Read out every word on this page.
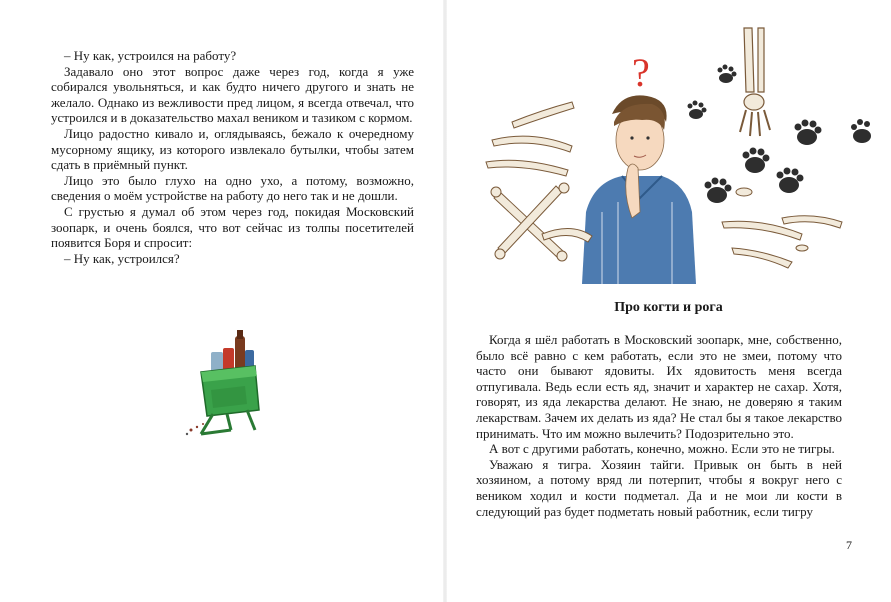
– Ну как, устроился на работу?

Задавало оно этот вопрос даже через год, когда я уже собирался увольняться, и как будто ничего другого и знать не желало. Однако из вежливости пред лицом, я всегда отвечал, что устроился и в доказательство махал веником и тазиком с кормом.

Лицо радостно кивало и, оглядываясь, бежало к очередному мусорному ящику, из которого извлекало бутылки, чтобы затем сдать в приёмный пункт.

Лицо это было глухо на одно ухо, а потому, возможно, сведения о моём устройстве на работу до него так и не дошли.

С грустью я думал об этом через год, покидая Московский зоопарк, и очень боялся, что вот сейчас из толпы посетителей появится Боря и спросит:

– Ну как, устроился?

?
Про когти и рога

Когда я шёл работать в Московский зоопарк, мне, собственно, было всё равно с кем работать, если это не змеи, потому что часто они бывают ядовиты. Их ядовитость меня всегда отпугивала. Ведь если есть яд, значит и характер не сахар. Хотя, говорят, из яда лекарства делают. Не знаю, не доверяю я таким лекарствам. Зачем их делать из яда? Не стал бы я такое лекарство принимать. Что им можно вылечить? Подозрительно это.

А вот с другими работать, конечно, можно. Если это не тигры.

Уважаю я тигра. Хозяин тайги. Привык он быть в ней хозяином, а потому вряд ли потерпит, чтобы я вокруг него с веником ходил и кости подметал. Да и не мои ли кости в следующий раз будет подметать новый работник, если тигру

7
